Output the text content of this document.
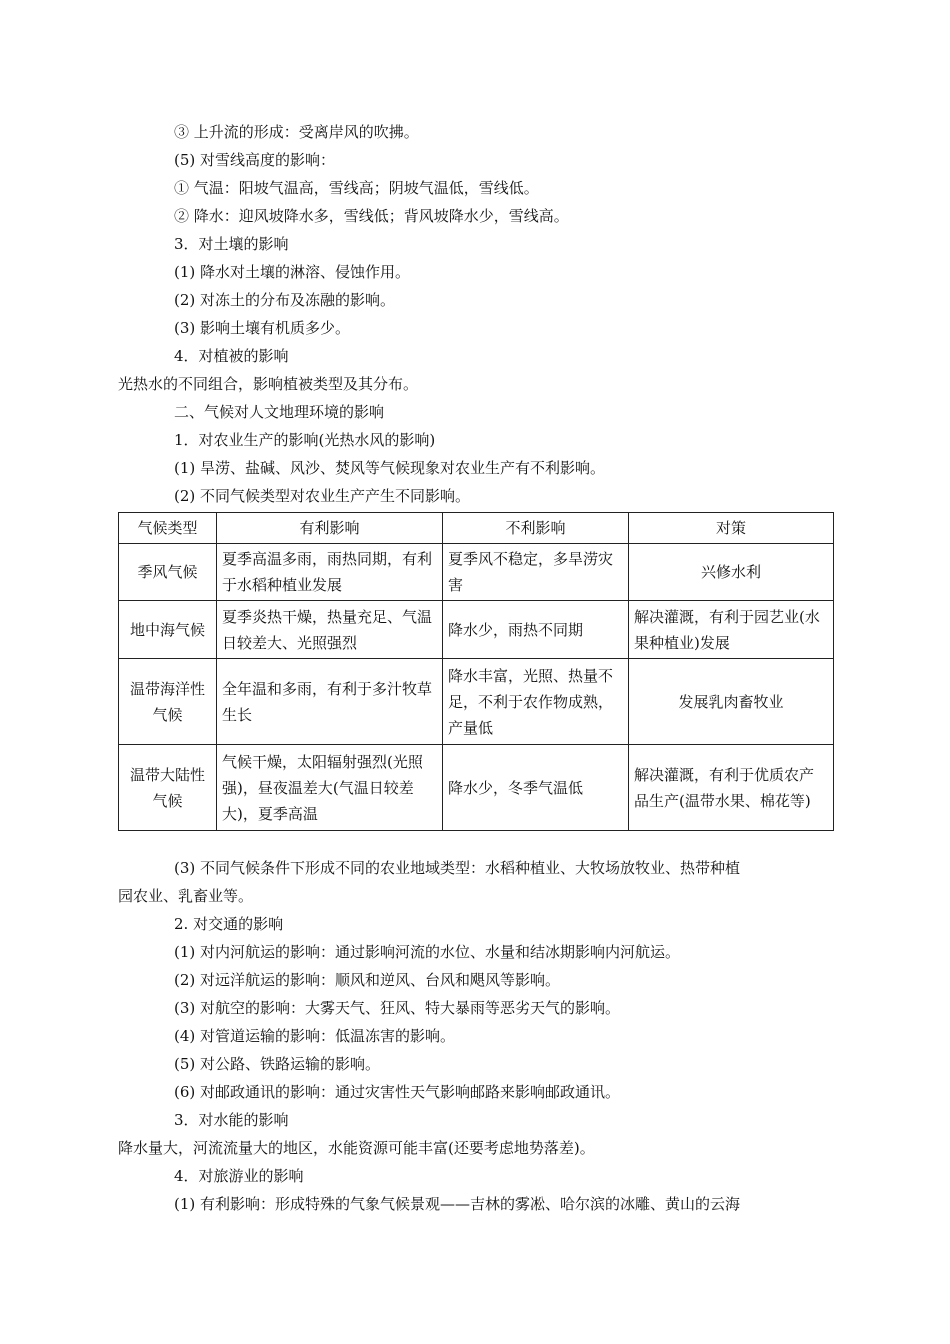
③ 上升流的形成：受离岸风的吹拂。
(5) 对雪线高度的影响：
① 气温：阳坡气温高，雪线高；阴坡气温低，雪线低。
② 降水：迎风坡降水多，雪线低；背风坡降水少，雪线高。
3．对土壤的影响
(1) 降水对土壤的淋溶、侵蚀作用。
(2) 对冻土的分布及冻融的影响。
(3) 影响土壤有机质多少。
4．对植被的影响
光热水的不同组合，影响植被类型及其分布。
二、气候对人文地理环境的影响
1．对农业生产的影响(光热水风的影响)
(1) 旱涝、盐碱、风沙、焚风等气候现象对农业生产有不利影响。
(2) 不同气候类型对农业生产产生不同影响。
气候类型	有利影响	不利影响	对策
季风气候	夏季高温多雨，雨热同期，有利于水稻种植业发展	夏季风不稳定，多旱涝灾害	兴修水利
地中海气候	夏季炎热干燥，热量充足、气温日较差大、光照强烈	降水少，雨热不同期	解决灌溉，有利于园艺业(水果种植业)发展
温带海洋性气候	全年温和多雨，有利于多汁牧草生长	降水丰富，光照、热量不足，不利于农作物成熟，产量低	发展乳肉畜牧业
温带大陆性气候	气候干燥，太阳辐射强烈(光照强)，昼夜温差大(气温日较差大)，夏季高温	降水少，冬季气温低	解决灌溉，有利于优质农产品生产(温带水果、棉花等)
(3) 不同气候条件下形成不同的农业地域类型：水稻种植业、大牧场放牧业、热带种植
园农业、乳畜业等。
2. 对交通的影响
(1) 对内河航运的影响：通过影响河流的水位、水量和结冰期影响内河航运。
(2) 对远洋航运的影响：顺风和逆风、台风和飓风等影响。
(3) 对航空的影响：大雾天气、狂风、特大暴雨等恶劣天气的影响。
(4) 对管道运输的影响：低温冻害的影响。
(5) 对公路、铁路运输的影响。
(6) 对邮政通讯的影响：通过灾害性天气影响邮路来影响邮政通讯。
3．对水能的影响
降水量大，河流流量大的地区，水能资源可能丰富(还要考虑地势落差)。
4．对旅游业的影响
(1) 有利影响：形成特殊的气象气候景观——吉林的雾凇、哈尔滨的冰雕、黄山的云海
